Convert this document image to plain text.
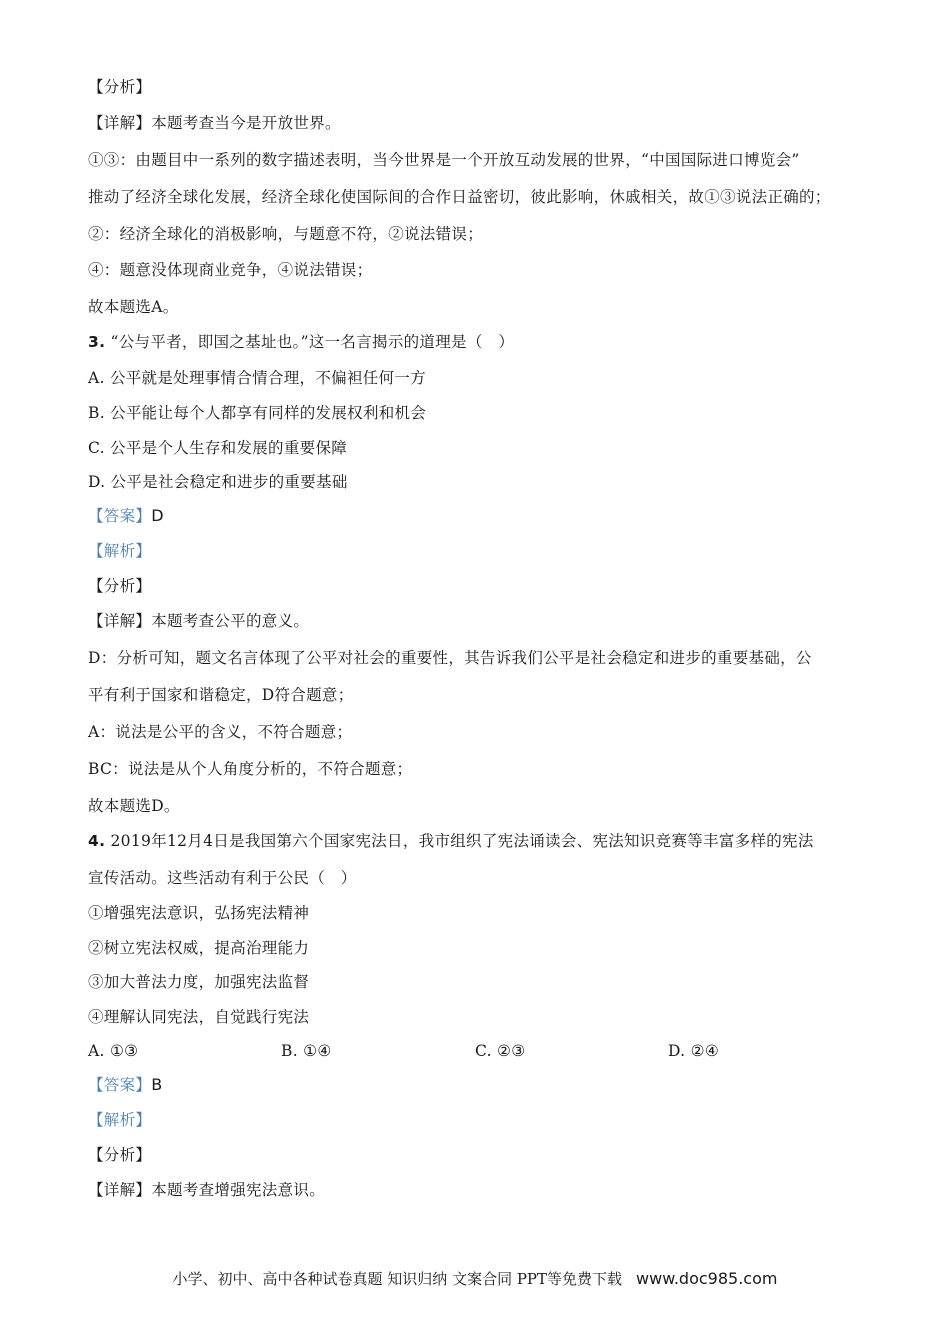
【分析】
【详解】本题考查当今是开放世界。
①③：由题目中一系列的数字描述表明，当今世界是一个开放互动发展的世界，“中国国际进口博览会”
推动了经济全球化发展，经济全球化使国际间的合作日益密切，彼此影响，休戚相关，故①③说法正确的；
②：经济全球化的消极影响，与题意不符，②说法错误；
④：题意没体现商业竞争，④说法错误；
故本题选A。
3. “公与平者，即国之基址也。”这一名言揭示的道理是（　）
A. 公平就是处理事情合情合理，不偏袒任何一方
B. 公平能让每个人都享有同样的发展权利和机会
C. 公平是个人生存和发展的重要保障
D. 公平是社会稳定和进步的重要基础
【答案】D
【解析】
【分析】
【详解】本题考查公平的意义。
D：分析可知，题文名言体现了公平对社会的重要性，其告诉我们公平是社会稳定和进步的重要基础，公
平有利于国家和谐稳定，D符合题意；
A：说法是公平的含义，不符合题意；
BC：说法是从个人角度分析的，不符合题意；
故本题选D。
4. 2019年12月4日是我国第六个国家宪法日，我市组织了宪法诵读会、宪法知识竞赛等丰富多样的宪法
宣传活动。这些活动有利于公民（　）
①增强宪法意识，弘扬宪法精神
②树立宪法权威，提高治理能力
③加大普法力度，加强宪法监督
④理解认同宪法，自觉践行宪法
A. ①③	B. ①④	C. ②③	D. ②④
【答案】B
【解析】
【分析】
【详解】本题考查增强宪法意识。
小学、初中、高中各种试卷真题 知识归纳 文案合同 PPT等免费下载 www.doc985.com
